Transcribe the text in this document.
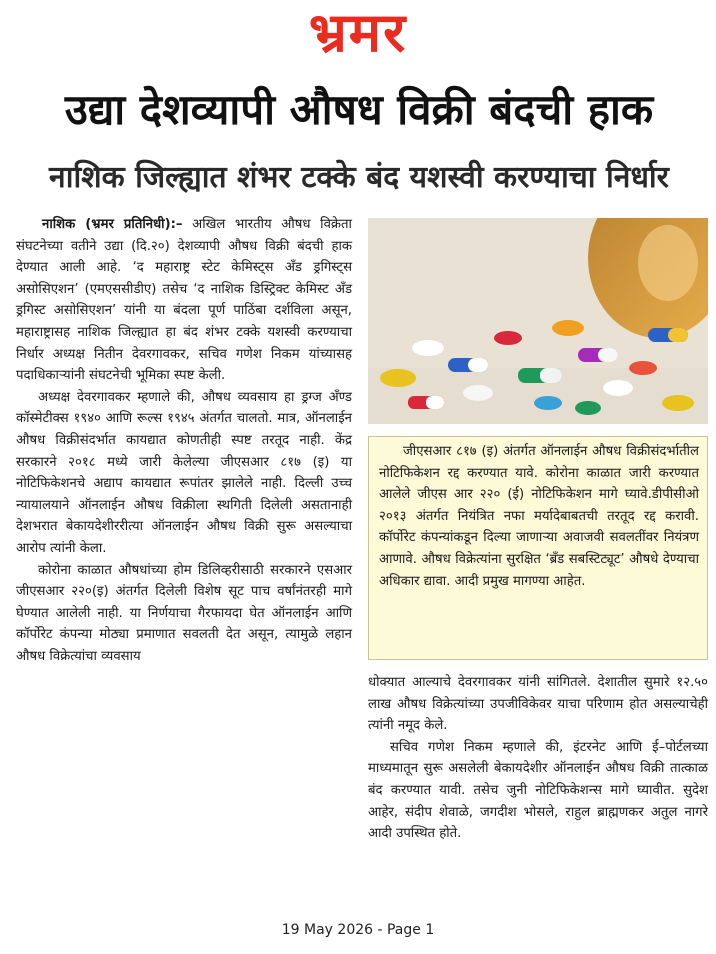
भ्रमर
उद्या देशव्यापी औषध विक्री बंदची हाक
नाशिक जिल्ह्यात शंभर टक्के बंद यशस्वी करण्याचा निर्धार

नाशिक (भ्रमर प्रतिनिधी):– अखिल भारतीय औषध विक्रेता संघटनेच्या वतीने उद्या (दि.२०) देशव्यापी औषध विक्री बंदची हाक देण्यात आली आहे. ‘द महाराष्ट्र स्टेट केमिस्ट्स अँड ड्रगिस्ट्स असोसिएशन’ (एमएससीडीए) तसेच ‘द नाशिक डिस्ट्रिक्ट केमिस्ट अँड ड्रगिस्ट असोसिएशन’ यांनी या बंदला पूर्ण पाठिंबा दर्शविला असून, महाराष्ट्रासह नाशिक जिल्ह्यात हा बंद शंभर टक्के यशस्वी करण्याचा निर्धार अध्यक्ष नितीन देवरगावकर, सचिव गणेश निकम यांच्यासह पदाधिकाऱ्यांनी संघटनेची भूमिका स्पष्ट केली.

अध्यक्ष देवरगावकर म्हणाले की, औषध व्यवसाय हा ड्रग्ज अँण्ड कॉस्मेटीक्स १९४० आणि रूल्स १९४५ अंतर्गत चालतो. मात्र, ऑनलाईन औषध विक्रीसंदर्भात कायद्यात कोणतीही स्पष्ट तरतूद नाही. केंद्र सरकारने २०१८ मध्ये जारी केलेल्या जीएसआर ८१७ (इ) या नोटिफिकेशनचे अद्याप कायद्यात रूपांतर झालेले नाही. दिल्ली उच्च न्यायालयाने ऑनलाईन औषध विक्रीला स्थगिती दिलेली असतानाही देशभरात बेकायदेशीररीत्या ऑनलाईन औषध विक्री सुरू असल्याचा आरोप त्यांनी केला.

कोरोना काळात औषधांच्या होम डिलिव्हरीसाठी सरकारने एसआर जीएसआर २२०(इ) अंतर्गत दिलेली विशेष सूट पाच वर्षांनंतरही मागे घेण्यात आलेली नाही. या निर्णयाचा गैरफायदा घेत ऑनलाईन आणि कॉर्पोरेट कंपन्या मोठ्या प्रमाणात सवलती देत असून, त्यामुळे लहान औषध विक्रेत्यांचा व्यवसाय

जीएसआर ८१७ (इ) अंतर्गत ऑनलाईन औषध विक्रीसंदर्भातील नोटिफिकेशन रद्द करण्यात यावे. कोरोना काळात जारी करण्यात आलेले जीएस आर २२० (ई) नोटिफिकेशन मागे घ्यावे.डीपीसीओ २०१३ अंतर्गत नियंत्रित नफा मर्यादेबाबतची तरतूद रद्द करावी. कॉर्पोरेट कंपन्यांकडून दिल्या जाणाऱ्या अवाजवी सवलतींवर नियंत्रण आणावे. औषध विक्रेत्यांना सुरक्षित ‘ब्रँड सबस्टिट्यूट’ औषधे देण्याचा अधिकार द्यावा. आदी प्रमुख मागण्या आहेत.

धोक्यात आल्याचे देवरगावकर यांनी सांगितले. देशातील सुमारे १२.५० लाख औषध विक्रेत्यांच्या उपजीविकेवर याचा परिणाम होत असल्याचेही त्यांनी नमूद केले.

सचिव गणेश निकम म्हणाले की, इंटरनेट आणि ई–पोर्टलच्या माध्यमातून सुरू असलेली बेकायदेशीर ऑनलाईन औषध विक्री तात्काळ बंद करण्यात यावी. तसेच जुनी नोटिफिकेशन्स मागे घ्यावीत. सुदेश आहेर, संदीप शेवाळे, जगदीश भोसले, राहुल ब्राह्मणकर अतुल नागरे आदी उपस्थित होते.

19 May 2026 - Page 1
